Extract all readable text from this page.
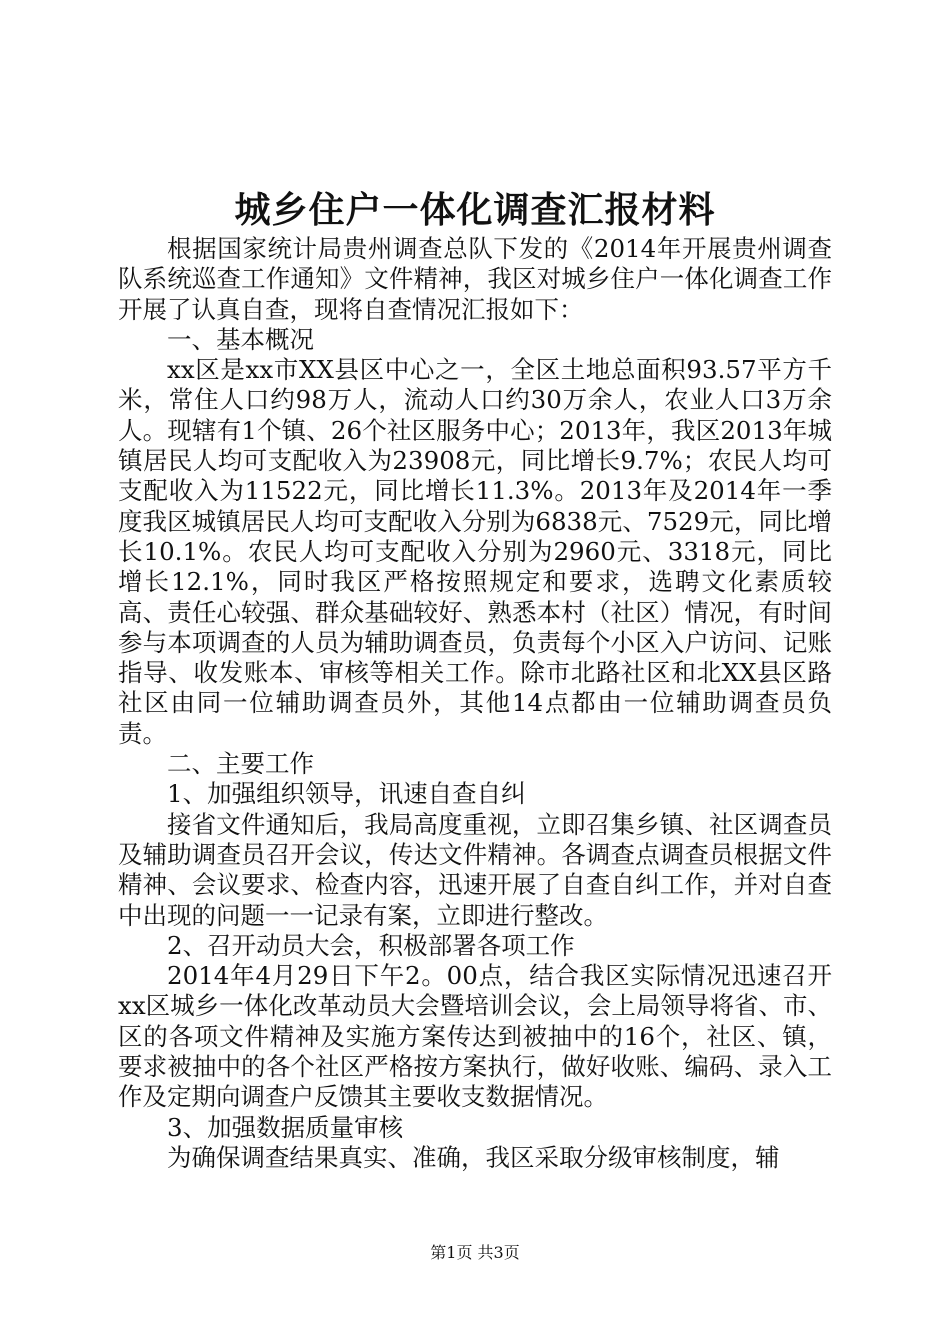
城乡住户一体化调查汇报材料

根据国家统计局贵州调查总队下发的《2014年开展贵州调查队系统巡查工作通知》文件精神，我区对城乡住户一体化调查工作开展了认真自查，现将自查情况汇报如下：

一、基本概况

xx区是xx市XX县区中心之一，全区土地总面积93.57平方千米，常住人口约98万人，流动人口约30万余人，农业人口3万余人。现辖有1个镇、26个社区服务中心；2013年，我区2013年城镇居民人均可支配收入为23908元，同比增长9.7%；农民人均可支配收入为11522元，同比增长11.3%。2013年及2014年一季度我区城镇居民人均可支配收入分别为6838元、7529元，同比增长10.1%。农民人均可支配收入分别为2960元、3318元，同比增长12.1%，同时我区严格按照规定和要求，选聘文化素质较高、责任心较强、群众基础较好、熟悉本村（社区）情况，有时间参与本项调查的人员为辅助调查员，负责每个小区入户访问、记账指导、收发账本、审核等相关工作。除市北路社区和北XX县区路社区由同一位辅助调查员外，其他14点都由一位辅助调查员负责。

二、主要工作

1、加强组织领导，讯速自查自纠

接省文件通知后，我局高度重视，立即召集乡镇、社区调查员及辅助调查员召开会议，传达文件精神。各调查点调查员根据文件精神、会议要求、检查内容，迅速开展了自查自纠工作，并对自查中出现的问题一一记录有案，立即进行整改。

2、召开动员大会，积极部署各项工作

2014年4月29日下午2。00点，结合我区实际情况迅速召开xx区城乡一体化改革动员大会暨培训会议，会上局领导将省、市、区的各项文件精神及实施方案传达到被抽中的16个，社区、镇，要求被抽中的各个社区严格按方案执行，做好收账、编码、录入工作及定期向调查户反馈其主要收支数据情况。

3、加强数据质量审核

为确保调查结果真实、准确，我区采取分级审核制度，辅

第1页 共3页
